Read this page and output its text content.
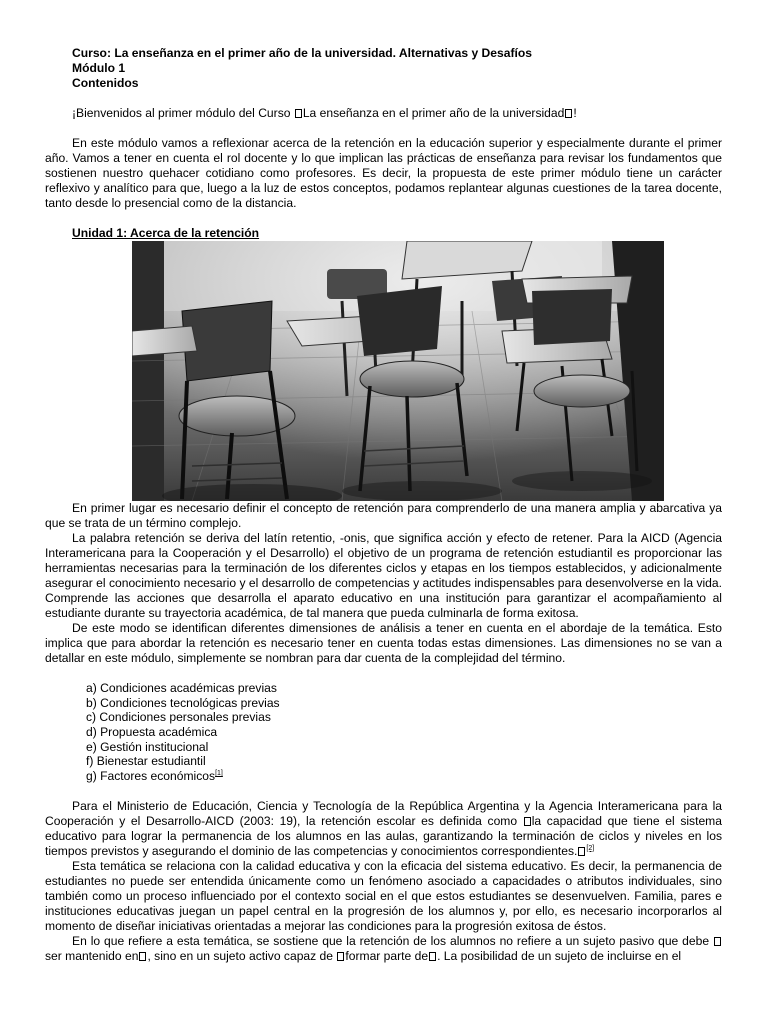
Curso: La enseñanza en el primer año de la universidad. Alternativas y Desafíos
Módulo 1
Contenidos

¡Bienvenidos al primer módulo del Curso La enseñanza en el primer año de la universidad !

En este módulo vamos a reflexionar acerca de la retención en la educación superior y especialmente durante el primer año. Vamos a tener en cuenta el rol docente y lo que implican las prácticas de enseñanza para revisar los fundamentos que sostienen nuestro quehacer cotidiano como profesores. Es decir, la propuesta de este primer módulo tiene un carácter reflexivo y analítico para que, luego a la luz de estos conceptos, podamos replantear algunas cuestiones de la tarea docente, tanto desde lo presencial como de la distancia.

Unidad 1: Acerca de la retención

En primer lugar es necesario definir el concepto de retención para comprenderlo de una manera amplia y abarcativa ya que se trata de un término complejo.

La palabra retención se deriva del latín retentio, -onis, que significa acción y efecto de retener. Para la AICD (Agencia Interamericana para la Cooperación y el Desarrollo) el objetivo de un programa de retención estudiantil es proporcionar las herramientas necesarias para la terminación de los diferentes ciclos y etapas en los tiempos establecidos, y adicionalmente asegurar el conocimiento necesario y el desarrollo de competencias y actitudes indispensables para desenvolverse en la vida. Comprende las acciones que desarrolla el aparato educativo en una institución para garantizar el acompañamiento al estudiante durante su trayectoria académica, de tal manera que pueda culminarla de forma exitosa.

De este modo se identifican diferentes dimensiones de análisis a tener en cuenta en el abordaje de la temática. Esto implica que para abordar la retención es necesario tener en cuenta todas estas dimensiones. Las dimensiones no se van a detallar en este módulo, simplemente se nombran para dar cuenta de la complejidad del término.

a) Condiciones académicas previas
b) Condiciones tecnológicas previas
c) Condiciones personales previas
d) Propuesta académica
e) Gestión institucional
f) Bienestar estudiantil
g) Factores económicos[1]

Para el Ministerio de Educación, Ciencia y Tecnología de la República Argentina y la Agencia Interamericana para la Cooperación y el Desarrollo-AICD (2003: 19), la retención escolar es definida como la capacidad que tiene el sistema educativo para lograr la permanencia de los alumnos en las aulas, garantizando la terminación de ciclos y niveles en los tiempos previstos y asegurando el dominio de las competencias y conocimientos correspondientes. [2]

Esta temática se relaciona con la calidad educativa y con la eficacia del sistema educativo. Es decir, la permanencia de estudiantes no puede ser entendida únicamente como un fenómeno asociado a capacidades o atributos individuales, sino también como un proceso influenciado por el contexto social en el que estos estudiantes se desenvuelven. Familia, pares e instituciones educativas juegan un papel central en la progresión de los alumnos y, por ello, es necesario incorporarlos al momento de diseñar iniciativas orientadas a mejorar las condiciones para la progresión exitosa de éstos.

En lo que refiere a esta temática, se sostiene que la retención de los alumnos no refiere a un sujeto pasivo que debe ser mantenido en , sino en un sujeto activo capaz de formar parte de . La posibilidad de un sujeto de incluirse en el
